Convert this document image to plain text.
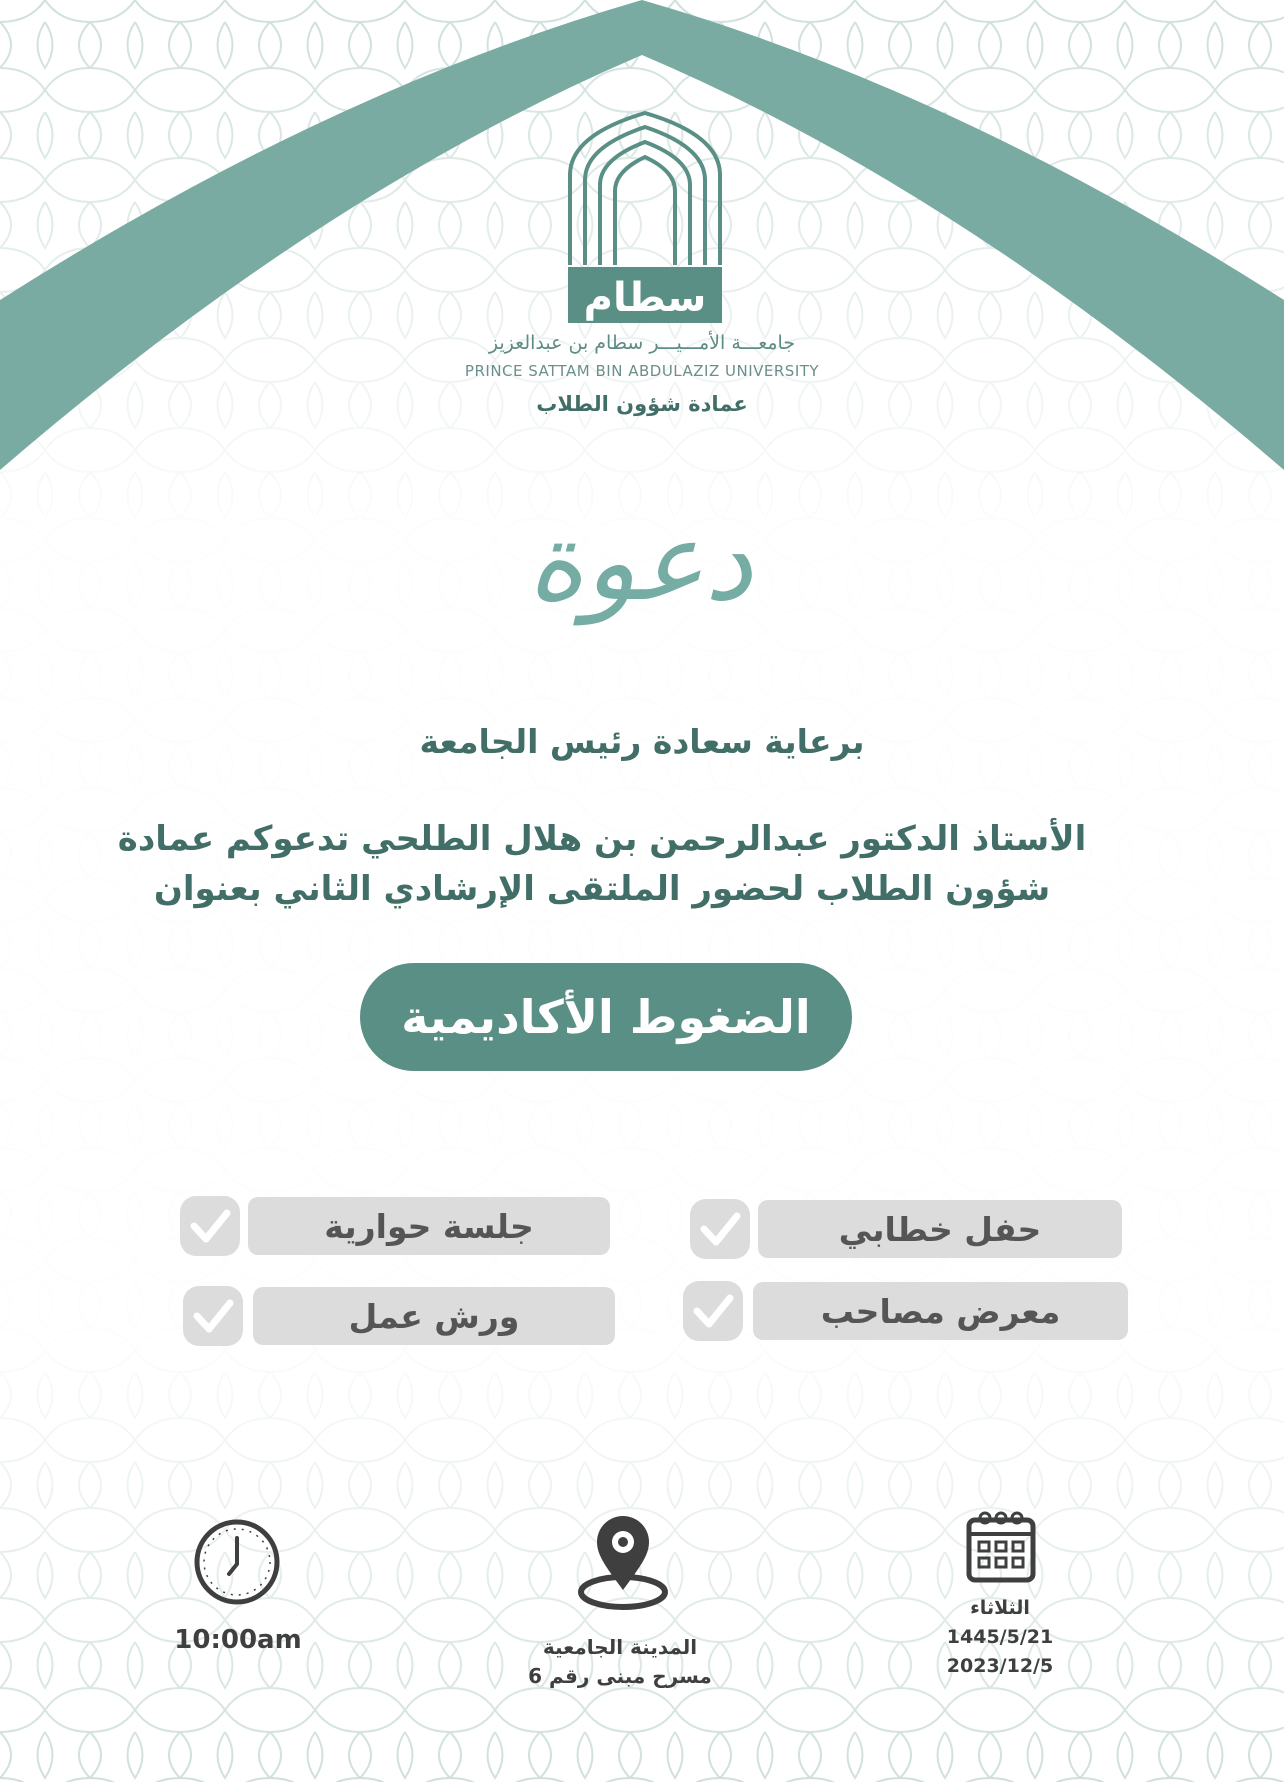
سطام
جامعـــة الأمـــيـــر سطام بن عبدالعزيز
PRINCE SATTAM BIN ABDULAZIZ UNIVERSITY
عمادة شؤون الطلاب
دعوة
برعاية سعادة رئيس الجامعة
الأستاذ الدكتور عبدالرحمن بن هلال الطلحي تدعوكم عمادة
شؤون الطلاب لحضور الملتقى الإرشادي الثاني بعنوان
الضغوط الأكاديمية
حفل خطابي
معرض مصاحب
جلسة حوارية
ورش عمل
10:00am	المدينة الجامعية
مسرح مبنى رقم 6
الثلاثاء
1445/5/21
2023/12/5
